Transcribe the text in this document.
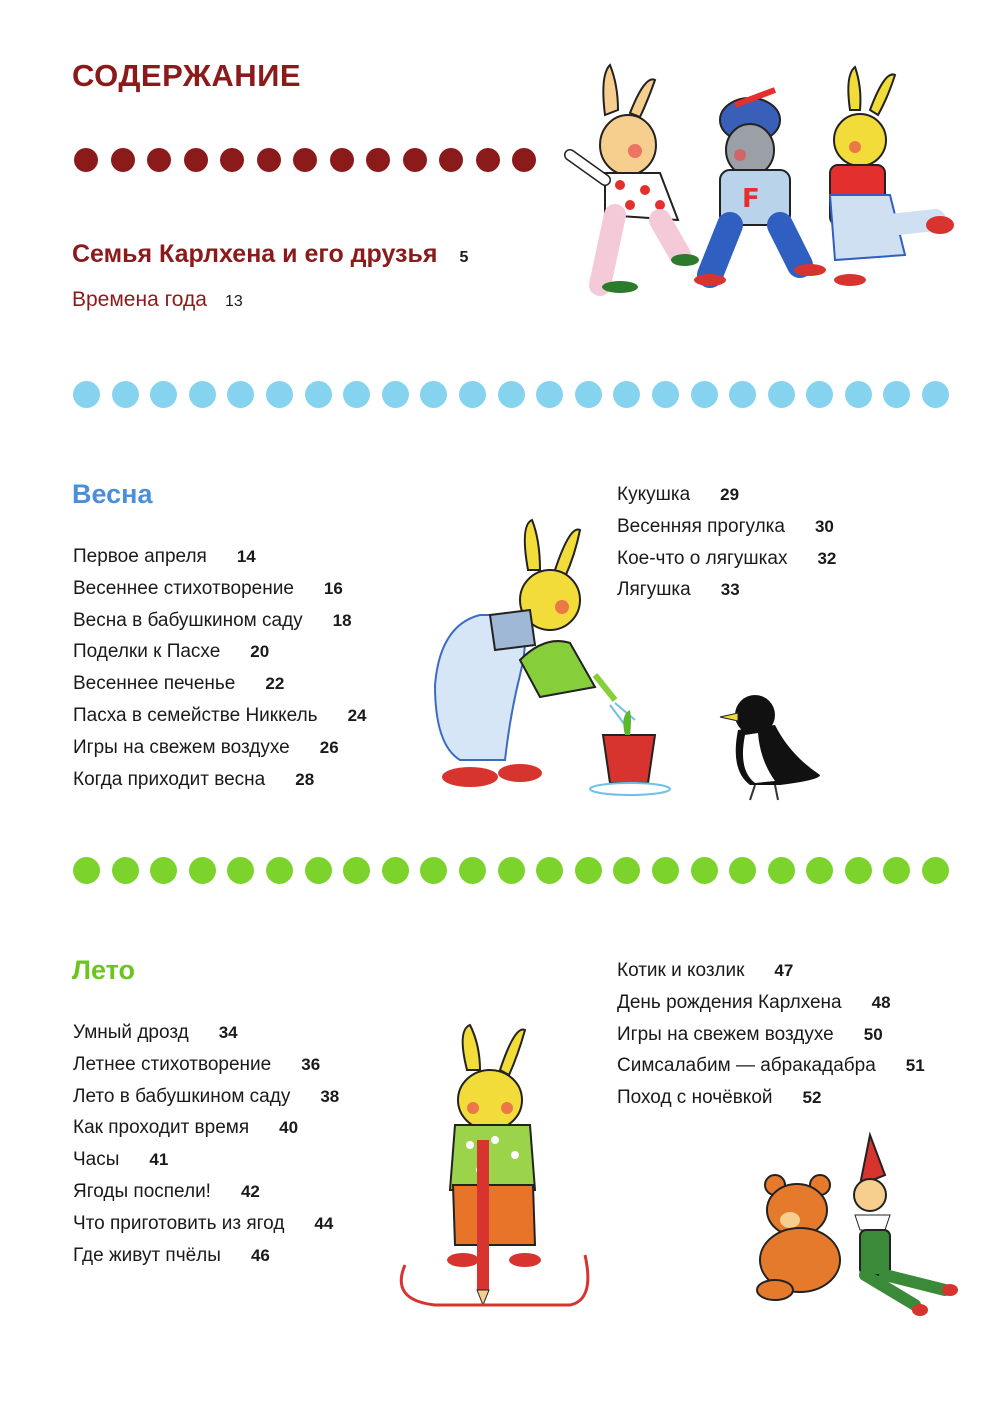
СОДЕРЖАНИЕ
Семья Карлхена и его друзья 5
Времена года 13
Весна
Первое апреля 14
Весеннее стихотворение 16
Весна в бабушкином саду 18
Поделки к Пасхе 20
Весеннее печенье 22
Пасха в семействе Никкель 24
Игры на свежем воздухе 26
Когда приходит весна 28
Кукушка 29
Весенняя прогулка 30
Кое-что о лягушках 32
Лягушка 33
Лето
Умный дрозд 34
Летнее стихотворение 36
Лето в бабушкином саду 38
Как проходит время 40
Часы 41
Ягоды поспели! 42
Что приготовить из ягод 44
Где живут пчёлы 46
Котик и козлик 47
День рождения Карлхена 48
Игры на свежем воздухе 50
Симсалабим — абракадабра 51
Поход с ночёвкой 52
F
